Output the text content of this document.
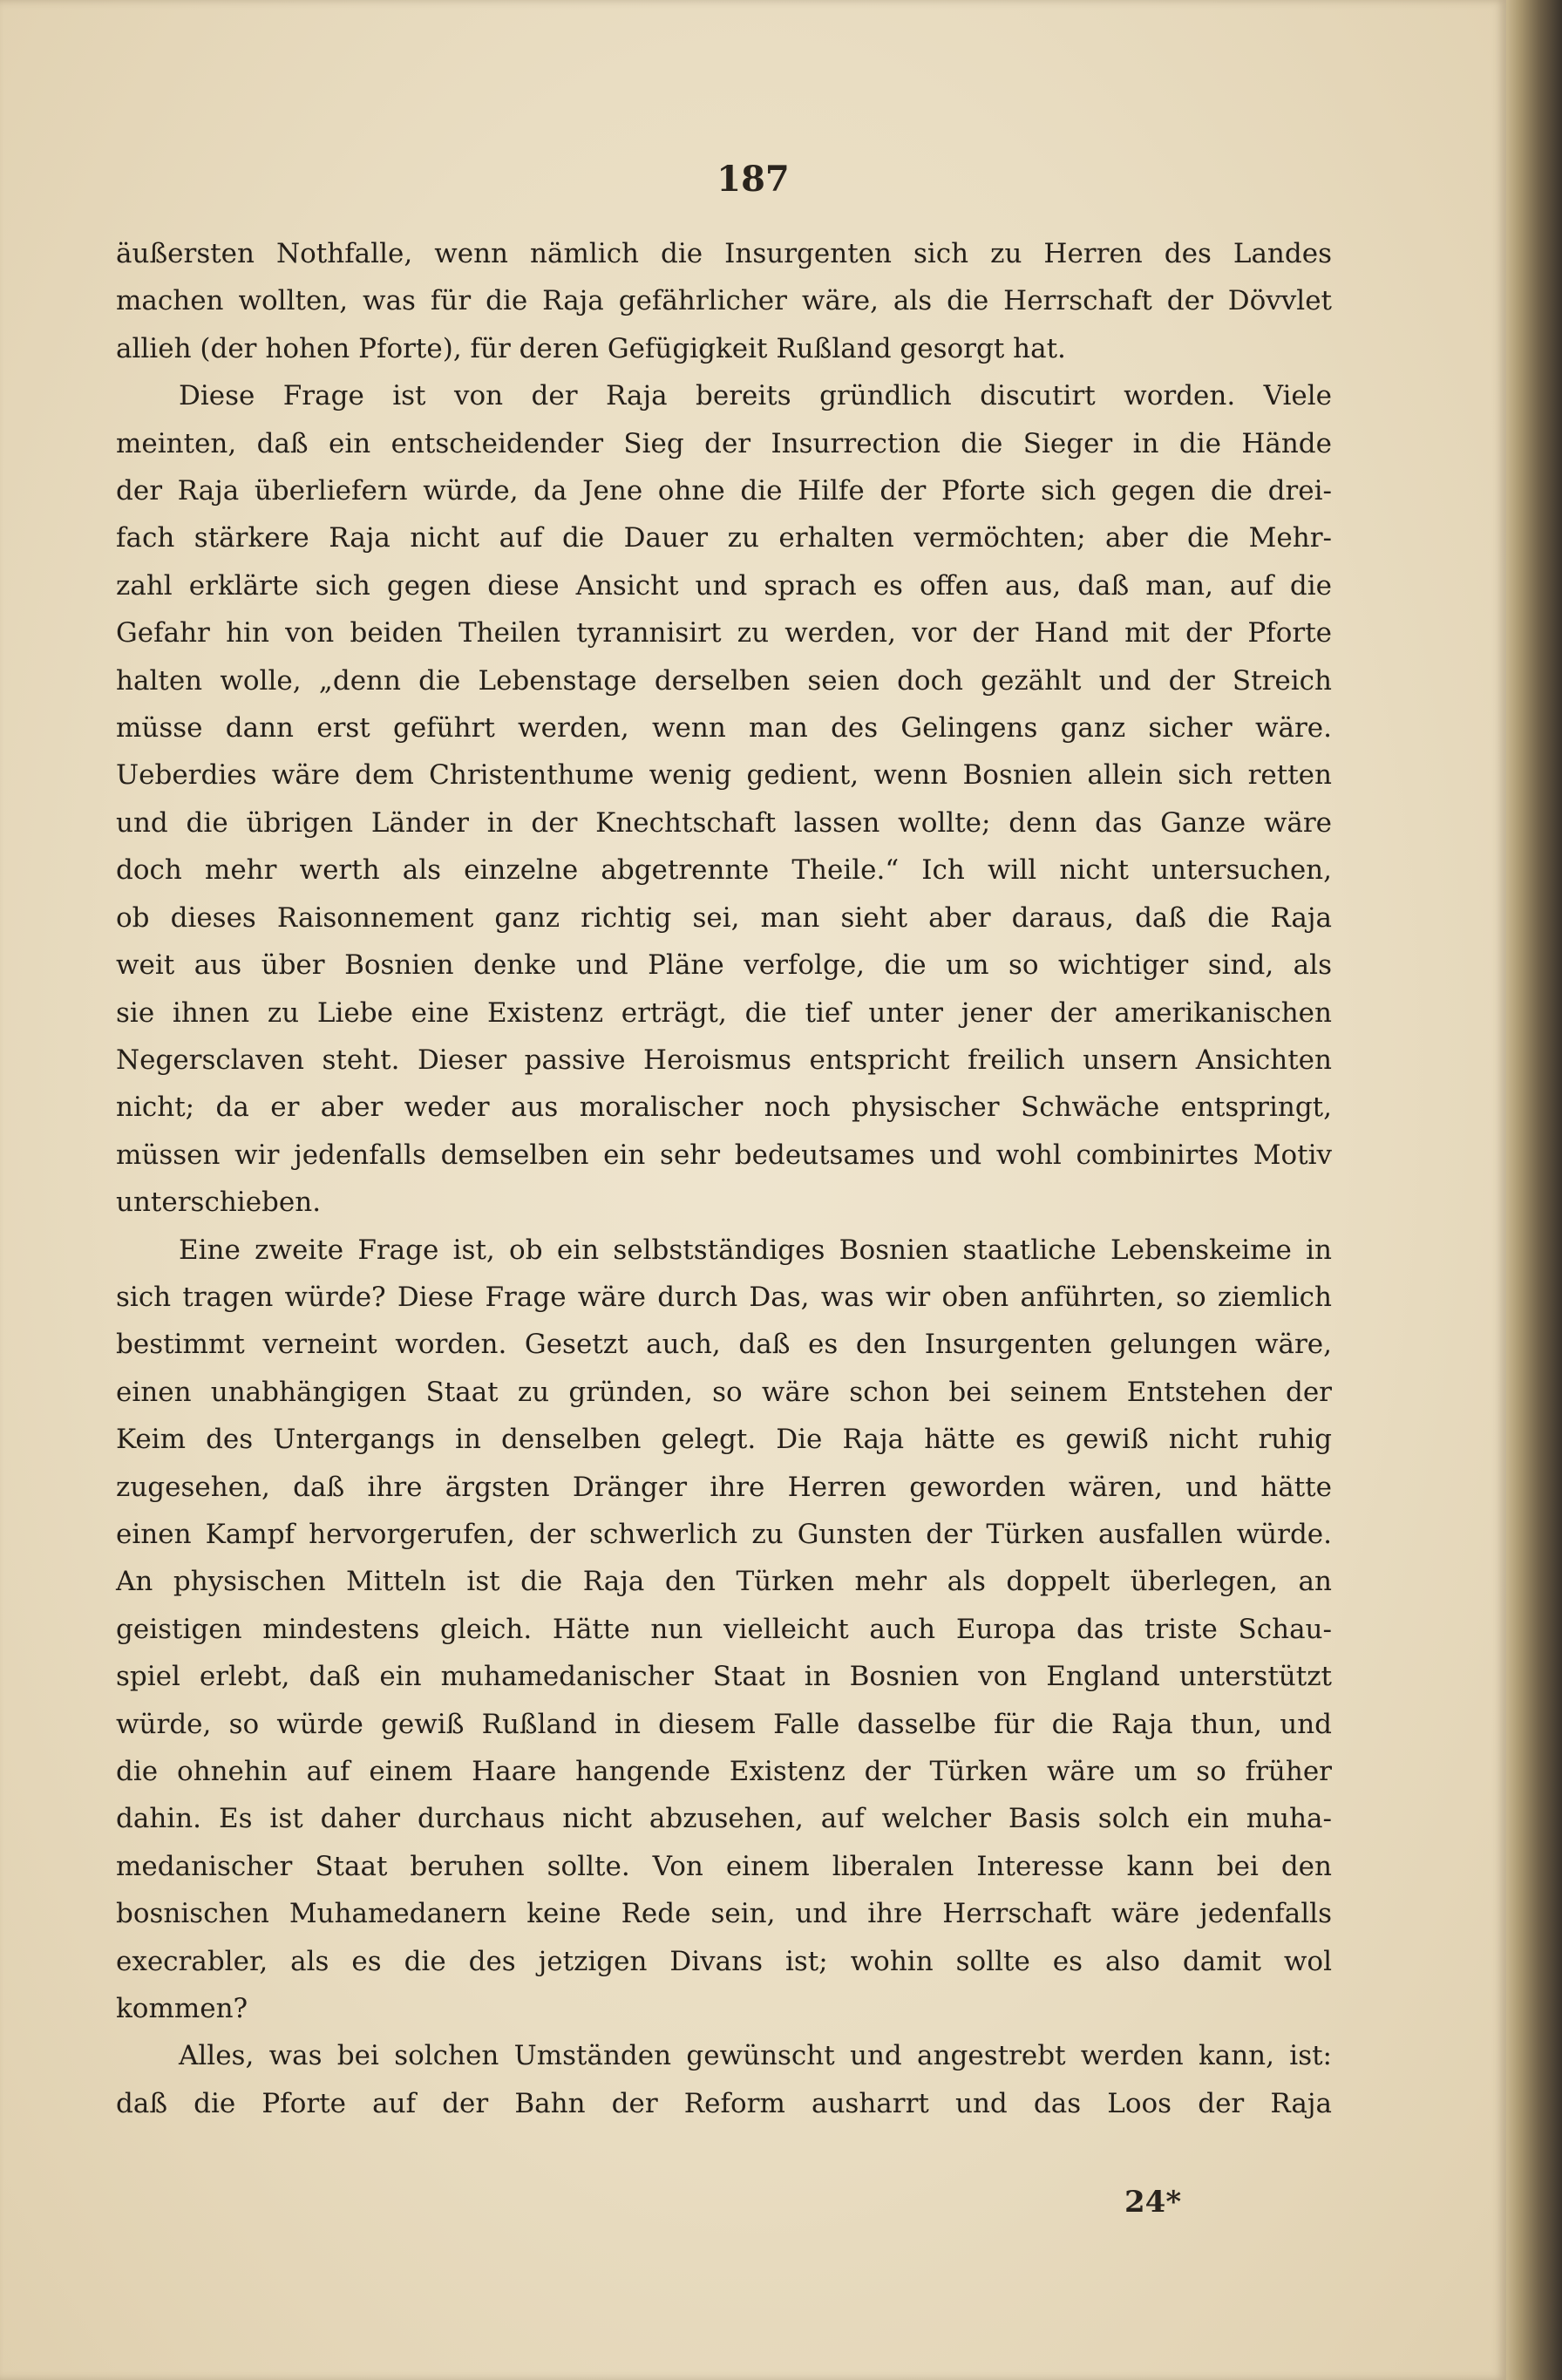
187
äußersten Nothfalle, wenn nämlich die Insurgenten sich zu Herren des Landes
machen wollten, was für die Raja gefährlicher wäre, als die Herrschaft der Dövvlet
allieh (der hohen Pforte), für deren Gefügigkeit Rußland gesorgt hat.
Diese Frage ist von der Raja bereits gründlich discutirt worden. Viele
meinten, daß ein entscheidender Sieg der Insurrection die Sieger in die Hände
der Raja überliefern würde, da Jene ohne die Hilfe der Pforte sich gegen die drei-
fach stärkere Raja nicht auf die Dauer zu erhalten vermöchten; aber die Mehr-
zahl erklärte sich gegen diese Ansicht und sprach es offen aus, daß man, auf die
Gefahr hin von beiden Theilen tyrannisirt zu werden, vor der Hand mit der Pforte
halten wolle, „denn die Lebenstage derselben seien doch gezählt und der Streich
müsse dann erst geführt werden, wenn man des Gelingens ganz sicher wäre.
Ueberdies wäre dem Christenthume wenig gedient, wenn Bosnien allein sich retten
und die übrigen Länder in der Knechtschaft lassen wollte; denn das Ganze wäre
doch mehr werth als einzelne abgetrennte Theile.“ Ich will nicht untersuchen,
ob dieses Raisonnement ganz richtig sei, man sieht aber daraus, daß die Raja
weit aus über Bosnien denke und Pläne verfolge, die um so wichtiger sind, als
sie ihnen zu Liebe eine Existenz erträgt, die tief unter jener der amerikanischen
Negersclaven steht. Dieser passive Heroismus entspricht freilich unsern Ansichten
nicht; da er aber weder aus moralischer noch physischer Schwäche entspringt,
müssen wir jedenfalls demselben ein sehr bedeutsames und wohl combinirtes Motiv
unterschieben.
Eine zweite Frage ist, ob ein selbstständiges Bosnien staatliche Lebenskeime in
sich tragen würde? Diese Frage wäre durch Das, was wir oben anführten, so ziemlich
bestimmt verneint worden. Gesetzt auch, daß es den Insurgenten gelungen wäre,
einen unabhängigen Staat zu gründen, so wäre schon bei seinem Entstehen der
Keim des Untergangs in denselben gelegt. Die Raja hätte es gewiß nicht ruhig
zugesehen, daß ihre ärgsten Dränger ihre Herren geworden wären, und hätte
einen Kampf hervorgerufen, der schwerlich zu Gunsten der Türken ausfallen würde.
An physischen Mitteln ist die Raja den Türken mehr als doppelt überlegen, an
geistigen mindestens gleich. Hätte nun vielleicht auch Europa das triste Schau-
spiel erlebt, daß ein muhamedanischer Staat in Bosnien von England unterstützt
würde, so würde gewiß Rußland in diesem Falle dasselbe für die Raja thun, und
die ohnehin auf einem Haare hangende Existenz der Türken wäre um so früher
dahin. Es ist daher durchaus nicht abzusehen, auf welcher Basis solch ein muha-
medanischer Staat beruhen sollte. Von einem liberalen Interesse kann bei den
bosnischen Muhamedanern keine Rede sein, und ihre Herrschaft wäre jedenfalls
execrabler, als es die des jetzigen Divans ist; wohin sollte es also damit wol
kommen?
Alles, was bei solchen Umständen gewünscht und angestrebt werden kann, ist:
daß die Pforte auf der Bahn der Reform ausharrt und das Loos der Raja
24*
